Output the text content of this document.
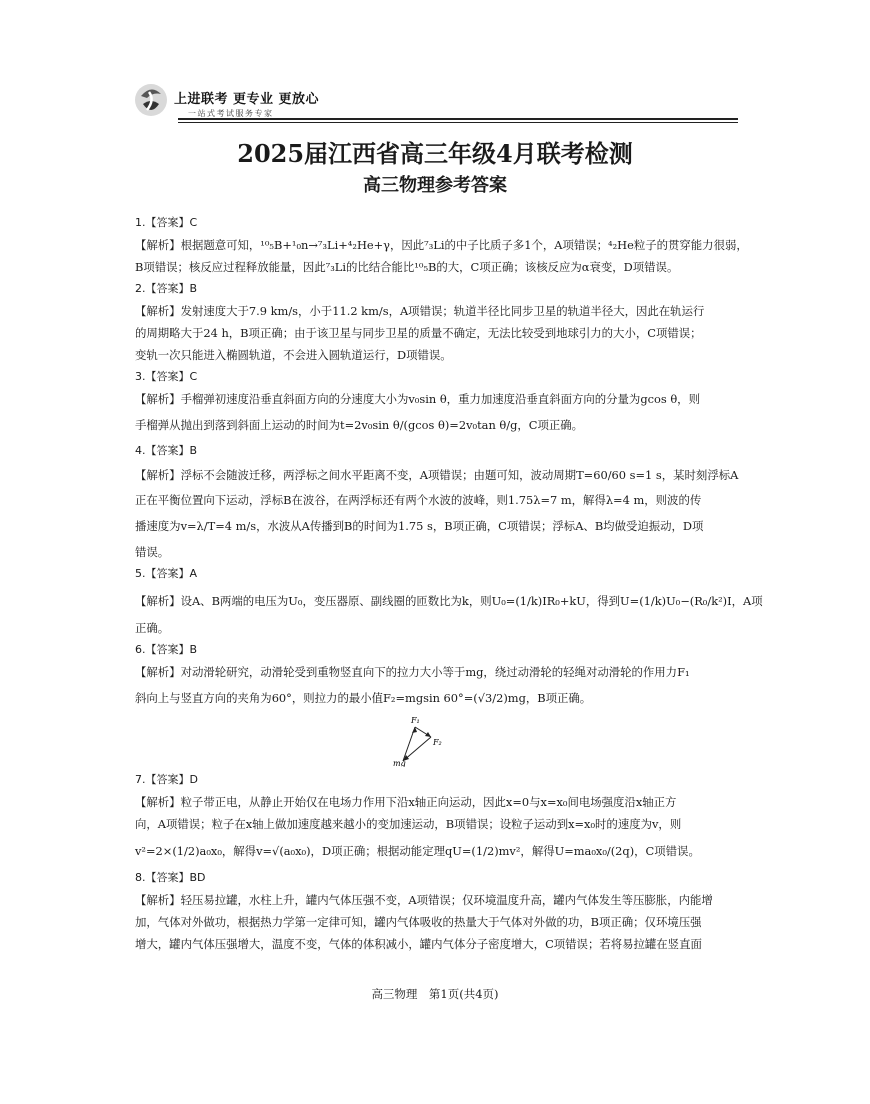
上进联考 更专业 更放心
一站式考试服务专家
2025届江西省高三年级4月联考检测
高三物理参考答案

1.【答案】C

【解析】根据题意可知，¹⁰₅B+¹₀n→⁷₃Li+⁴₂He+γ，因此⁷₃Li的中子比质子多1个，A项错误；⁴₂He粒子的贯穿能力很弱，

B项错误；核反应过程释放能量，因此⁷₃Li的比结合能比¹⁰₅B的大，C项正确；该核反应为α衰变，D项错误。

2.【答案】B

【解析】发射速度大于7.9 km/s，小于11.2 km/s，A项错误；轨道半径比同步卫星的轨道半径大，因此在轨运行

的周期略大于24 h，B项正确；由于该卫星与同步卫星的质量不确定，无法比较受到地球引力的大小，C项错误；

变轨一次只能进入椭圆轨道，不会进入圆轨道运行，D项错误。

3.【答案】C

【解析】手榴弹初速度沿垂直斜面方向的分速度大小为v₀sin θ，重力加速度沿垂直斜面方向的分量为gcos θ，则

手榴弹从抛出到落到斜面上运动的时间为t=2v₀sin θ/(gcos θ)=2v₀tan θ/g，C项正确。

4.【答案】B

【解析】浮标不会随波迁移，两浮标之间水平距离不变，A项错误；由题可知，波动周期T=60/60 s=1 s，某时刻浮标A

正在平衡位置向下运动，浮标B在波谷，在两浮标还有两个水波的波峰，则1.75λ=7 m，解得λ=4 m，则波的传

播速度为v=λ/T=4 m/s，水波从A传播到B的时间为1.75 s，B项正确，C项错误；浮标A、B均做受迫振动，D项

错误。

5.【答案】A

【解析】设A、B两端的电压为U₀，变压器原、副线圈的匝数比为k，则U₀=(1/k)IR₀+kU，得到U=(1/k)U₀−(R₀/k²)I，A项

正确。

6.【答案】B

【解析】对动滑轮研究，动滑轮受到重物竖直向下的拉力大小等于mg，绕过动滑轮的轻绳对动滑轮的作用力F₁

斜向上与竖直方向的夹角为60°，则拉力的最小值F₂=mgsin 60°=(√3/2)mg，B项正确。

F₁
F₂
mg

7.【答案】D

【解析】粒子带正电，从静止开始仅在电场力作用下沿x轴正向运动，因此x=0与x=x₀间电场强度沿x轴正方

向，A项错误；粒子在x轴上做加速度越来越小的变加速运动，B项错误；设粒子运动到x=x₀时的速度为v，则

v²=2×(1/2)a₀x₀，解得v=√(a₀x₀)，D项正确；根据动能定理qU=(1/2)mv²，解得U=ma₀x₀/(2q)，C项错误。

8.【答案】BD

【解析】轻压易拉罐，水柱上升，罐内气体压强不变，A项错误；仅环境温度升高，罐内气体发生等压膨胀，内能增

加，气体对外做功，根据热力学第一定律可知，罐内气体吸收的热量大于气体对外做的功，B项正确；仅环境压强

增大，罐内气体压强增大，温度不变，气体的体积减小，罐内气体分子密度增大，C项错误；若将易拉罐在竖直面

高三物理　第1页(共4页)
